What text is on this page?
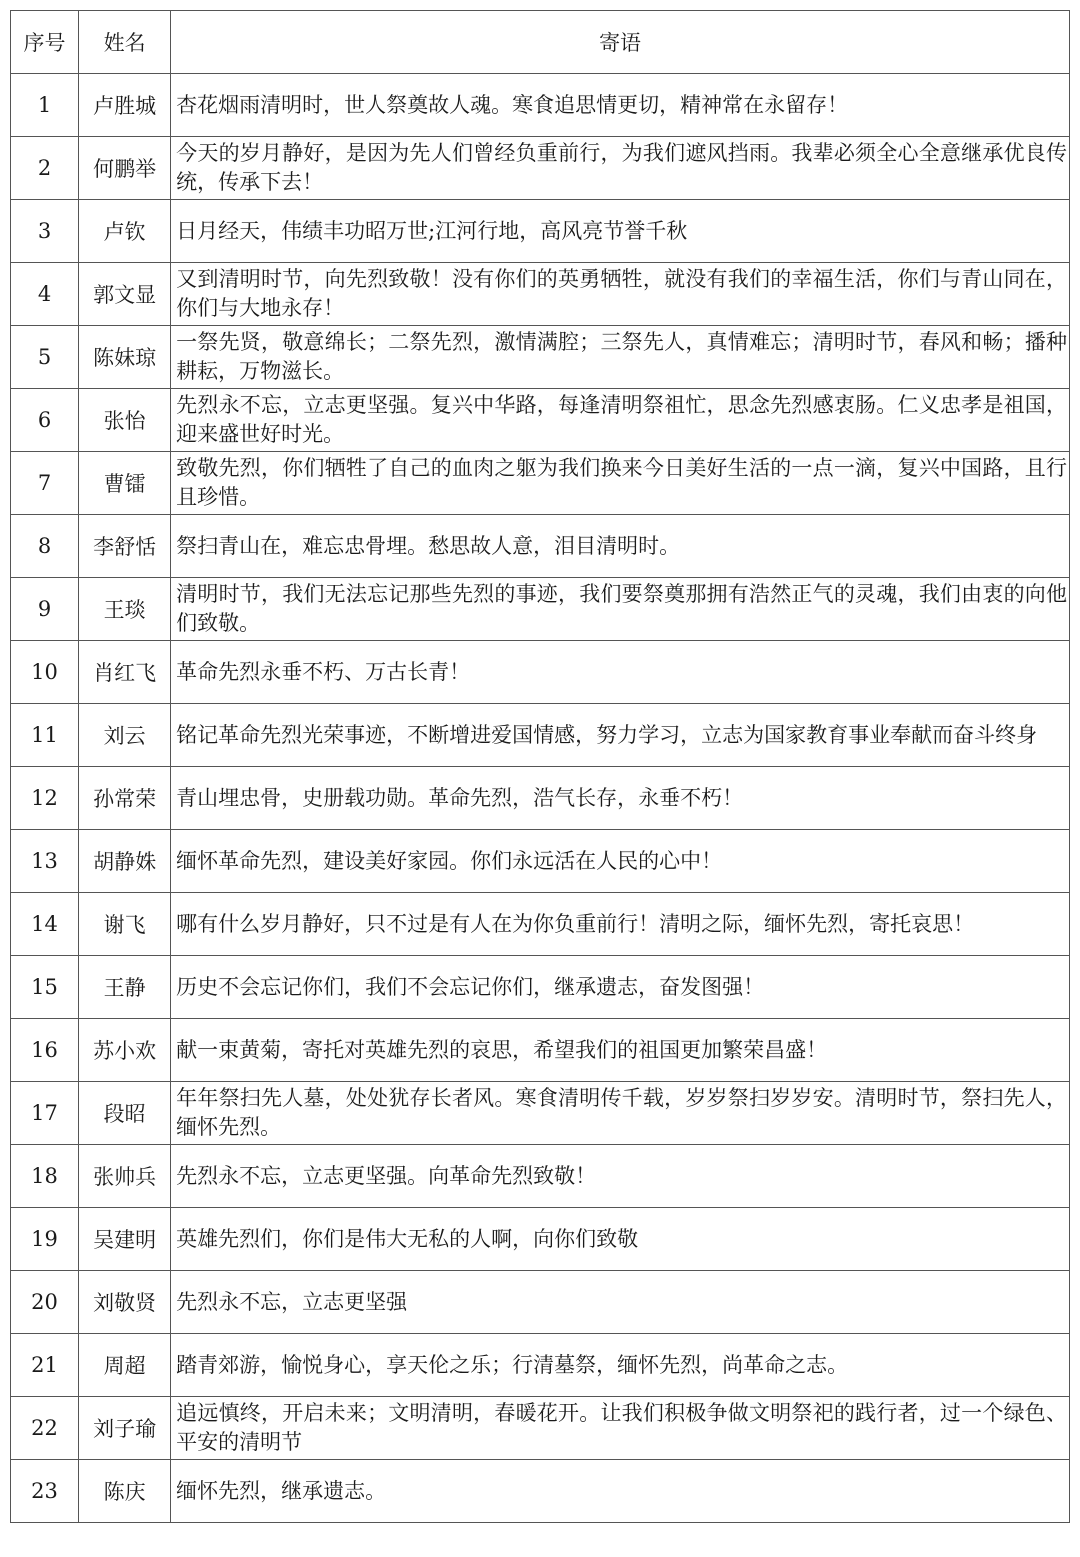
序号	姓名	寄语
1	卢胜城	杏花烟雨清明时，世人祭奠故人魂。寒食追思情更切，精神常在永留存！
2	何鹏举	今天的岁月静好，是因为先人们曾经负重前行，为我们遮风挡雨。我辈必须全心全意继承优良传统，传承下去！
3	卢钦	日月经天，伟绩丰功昭万世;江河行地，高风亮节誉千秋
4	郭文显	又到清明时节，向先烈致敬！没有你们的英勇牺牲，就没有我们的幸福生活，你们与青山同在，你们与大地永存！
5	陈妹琼	一祭先贤，敬意绵长；二祭先烈，激情满腔；三祭先人，真情难忘；清明时节，春风和畅；播种耕耘，万物滋长。
6	张怡	先烈永不忘，立志更坚强。复兴中华路，每逢清明祭祖忙，思念先烈感衷肠。仁义忠孝是祖国，迎来盛世好时光。
7	曹镭	致敬先烈，你们牺牲了自己的血肉之躯为我们换来今日美好生活的一点一滴，复兴中国路，且行且珍惜。
8	李舒恬	祭扫青山在，难忘忠骨埋。愁思故人意，泪目清明时。
9	王琰	清明时节，我们无法忘记那些先烈的事迹，我们要祭奠那拥有浩然正气的灵魂，我们由衷的向他们致敬。
10	肖红飞	革命先烈永垂不朽、万古长青！
11	刘云	铭记革命先烈光荣事迹，不断增进爱国情感，努力学习，立志为国家教育事业奉献而奋斗终身
12	孙常荣	青山埋忠骨，史册载功勋。革命先烈，浩气长存，永垂不朽！
13	胡静姝	缅怀革命先烈，建设美好家园。你们永远活在人民的心中！
14	谢飞	哪有什么岁月静好，只不过是有人在为你负重前行！清明之际，缅怀先烈，寄托哀思！
15	王静	历史不会忘记你们，我们不会忘记你们，继承遗志，奋发图强！
16	苏小欢	献一束黄菊，寄托对英雄先烈的哀思，希望我们的祖国更加繁荣昌盛！
17	段昭	年年祭扫先人墓，处处犹存长者风。寒食清明传千载，岁岁祭扫岁岁安。清明时节，祭扫先人，缅怀先烈。
18	张帅兵	先烈永不忘，立志更坚强。向革命先烈致敬！
19	吴建明	英雄先烈们，你们是伟大无私的人啊，向你们致敬
20	刘敬贤	先烈永不忘，立志更坚强
21	周超	踏青郊游，愉悦身心，享天伦之乐；行清墓祭，缅怀先烈，尚革命之志。
22	刘子瑜	追远慎终，开启未来；文明清明，春暖花开。让我们积极争做文明祭祀的践行者，过一个绿色、平安的清明节
23	陈庆	缅怀先烈，继承遗志。
